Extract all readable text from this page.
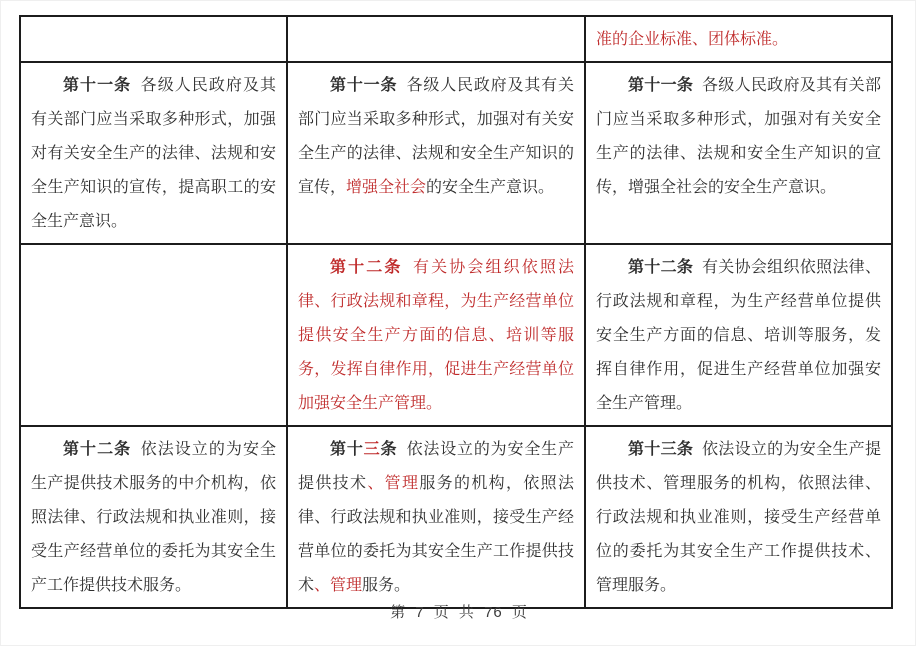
		准的企业标准、团体标准。

第十一条 各级人民政府及其有关部门应当采取多种形式，加强对有关安全生产的法律、法规和安全生产知识的宣传，提高职工的安全生产意识。	第十一条 各级人民政府及其有关部门应当采取多种形式，加强对有关安全生产的法律、法规和安全生产知识的宣传，增强全社会的安全生产意识。	第十一条 各级人民政府及其有关部门应当采取多种形式，加强对有关安全生产的法律、法规和安全生产知识的宣传，增强全社会的安全生产意识。

	第十二条 有关协会组织依照法律、行政法规和章程，为生产经营单位提供安全生产方面的信息、培训等服务，发挥自律作用，促进生产经营单位加强安全生产管理。	第十二条 有关协会组织依照法律、行政法规和章程，为生产经营单位提供安全生产方面的信息、培训等服务，发挥自律作用，促进生产经营单位加强安全生产管理。

第十二条 依法设立的为安全生产提供技术服务的中介机构，依照法律、行政法规和执业准则，接受生产经营单位的委托为其安全生产工作提供技术服务。	第十三条 依法设立的为安全生产提供技术、管理服务的机构，依照法律、行政法规和执业准则，接受生产经营单位的委托为其安全生产工作提供技术、管理服务。	第十三条 依法设立的为安全生产提供技术、管理服务的机构，依照法律、行政法规和执业准则，接受生产经营单位的委托为其安全生产工作提供技术、管理服务。
第 7 页 共 76 页
